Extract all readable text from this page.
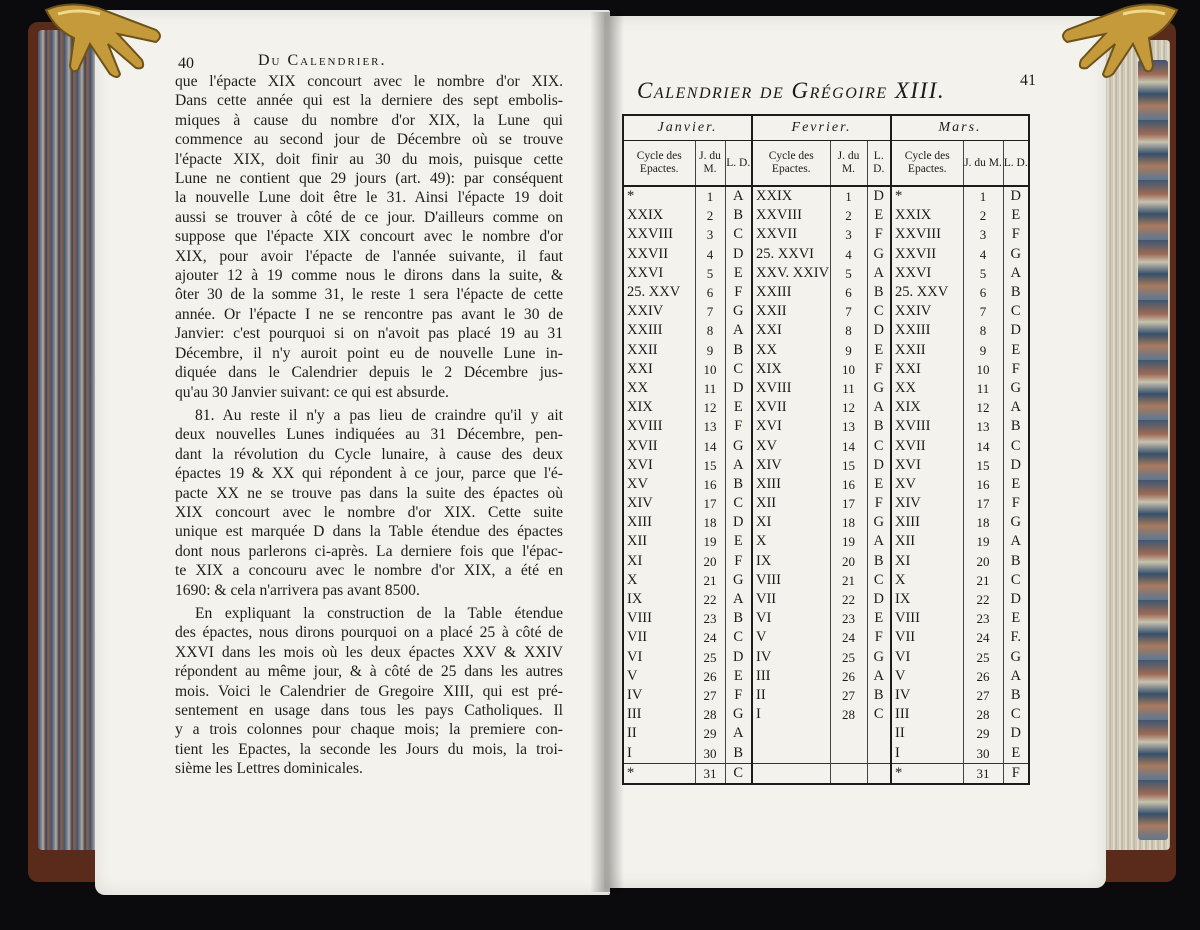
40	Du Calendrier.
que l'épacte XIX concourt avec le nombre d'or XIX.
Dans cette année qui est la derniere des sept embolis-
miques à cause du nombre d'or XIX, la Lune qui
commence au second jour de Décembre où se trouve
l'épacte XIX, doit finir au 30 du mois, puisque cette
Lune ne contient que 29 jours (art. 49): par conséquent
la nouvelle Lune doit être le 31. Ainsi l'épacte 19 doit
aussi se trouver à côté de ce jour. D'ailleurs comme on
suppose que l'épacte XIX concourt avec le nombre d'or
XIX, pour avoir l'épacte de l'année suivante, il faut
ajouter 12 à 19 comme nous le dirons dans la suite, &
ôter 30 de la somme 31, le reste 1 sera l'épacte de cette
année. Or l'épacte I ne se rencontre pas avant le 30 de
Janvier: c'est pourquoi si on n'avoit pas placé 19 au 31
Décembre, il n'y auroit point eu de nouvelle Lune in-
diquée dans le Calendrier depuis le 2 Décembre jus-
qu'au 30 Janvier suivant: ce qui est absurde.
81. Au reste il n'y a pas lieu de craindre qu'il y ait
deux nouvelles Lunes indiquées au 31 Décembre, pen-
dant la révolution du Cycle lunaire, à cause des deux
épactes 19 & XX qui répondent à ce jour, parce que l'é-
pacte XX ne se trouve pas dans la suite des épactes où
XIX concourt avec le nombre d'or XIX. Cette suite
unique est marquée D dans la Table étendue des épactes
dont nous parlerons ci-après. La derniere fois que l'épac-
te XIX a concouru avec le nombre d'or XIX, a été en
1690: & cela n'arrivera pas avant 8500.
En expliquant la construction de la Table étendue
des épactes, nous dirons pourquoi on a placé 25 à côté de
XXVI dans les mois où les deux épactes XXV & XXIV
répondent au même jour, & à côté de 25 dans les autres
mois. Voici le Calendrier de Gregoire XIII, qui est pré-
sentement en usage dans tous les pays Catholiques. Il
y a trois colonnes pour chaque mois; la premiere con-
tient les Epactes, la seconde les Jours du mois, la troi-
sième les Lettres dominicales.
Calendrier de Grégoire XIII.	41
Janvier.			Fevrier.			Mars.		
Cycle des Epactes.	J. du M.	L. D.	Cycle des Epactes.	J. du M.	L. D.	Cycle des Epactes.	J. du M.	L. D.
*	1	A	XXIX	1	D	*	1	D
XXIX	2	B	XXVIII	2	E	XXIX	2	E
XXVIII	3	C	XXVII	3	F	XXVIII	3	F
XXVII	4	D	25. XXVI	4	G	XXVII	4	G
XXVI	5	E	XXV. XXIV	5	A	XXVI	5	A
25. XXV	6	F	XXIII	6	B	25. XXV	6	B
XXIV	7	G	XXII	7	C	XXIV	7	C
XXIII	8	A	XXI	8	D	XXIII	8	D
XXII	9	B	XX	9	E	XXII	9	E
XXI	10	C	XIX	10	F	XXI	10	F
XX	11	D	XVIII	11	G	XX	11	G
XIX	12	E	XVII	12	A	XIX	12	A
XVIII	13	F	XVI	13	B	XVIII	13	B
XVII	14	G	XV	14	C	XVII	14	C
XVI	15	A	XIV	15	D	XVI	15	D
XV	16	B	XIII	16	E	XV	16	E
XIV	17	C	XII	17	F	XIV	17	F
XIII	18	D	XI	18	G	XIII	18	G
XII	19	E	X	19	A	XII	19	A
XI	20	F	IX	20	B	XI	20	B
X	21	G	VIII	21	C	X	21	C
IX	22	A	VII	22	D	IX	22	D
VIII	23	B	VI	23	E	VIII	23	E
VII	24	C	V	24	F	VII	24	F.
VI	25	D	IV	25	G	VI	25	G
V	26	E	III	26	A	V	26	A
IV	27	F	II	27	B	IV	27	B
III	28	G	I	28	C	III	28	C
II	29	A				II	29	D
I	30	B				I	30	E
*	31	C				*	31	F
